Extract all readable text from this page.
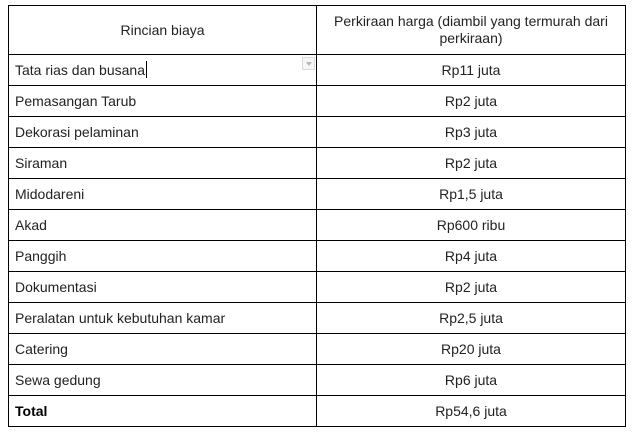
Rincian biaya	Perkiraan harga (diambil yang termurah dari perkiraan)
Tata rias dan busana	Rp11 juta
Pemasangan Tarub	Rp2 juta
Dekorasi pelaminan	Rp3 juta
Siraman	Rp2 juta
Midodareni	Rp1,5 juta
Akad	Rp600 ribu
Panggih	Rp4 juta
Dokumentasi	Rp2 juta
Peralatan untuk kebutuhan kamar	Rp2,5 juta
Catering	Rp20 juta
Sewa gedung	Rp6 juta
Total	Rp54,6 juta
